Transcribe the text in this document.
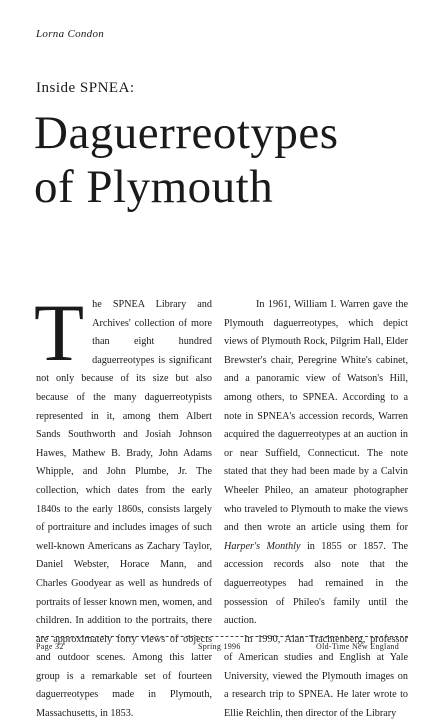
Lorna Condon
Inside SPNEA:
Daguerreotypes
of Plymouth

The SPNEA Library and Archives' collection of more than eight hundred daguerreotypes is significant not only because of its size but also because of the many daguerreotypists represented in it, among them Albert Sands Southworth and Josiah Johnson Hawes, Mathew B. Brady, John Adams Whipple, and John Plumbe, Jr. The collection, which dates from the early 1840s to the early 1860s, consists largely of portraiture and includes images of such well-known Americans as Zachary Taylor, Daniel Webster, Horace Mann, and Charles Goodyear as well as hundreds of portraits of lesser known men, women, and children. In addition to the portraits, there are approximately forty views of objects and outdoor scenes. Among this latter group is a remarkable set of fourteen daguerreotypes made in Plymouth, Massachusetts, in 1853.

In 1961, William I. Warren gave the Plymouth daguerreotypes, which depict views of Plymouth Rock, Pilgrim Hall, Elder Brewster's chair, Peregrine White's cabinet, and a panoramic view of Watson's Hill, among others, to SPNEA. According to a note in SPNEA's accession records, Warren acquired the daguerreotypes at an auction in or near Suffield, Connecticut. The note stated that they had been made by a Calvin Wheeler Phileo, an amateur photographer who traveled to Plymouth to make the views and then wrote an article using them for Harper's Monthly in 1855 or 1857. The accession records also note that the daguerreotypes had remained in the possession of Phileo's family until the auction.

In 1990, Alan Trachtenberg, professor of American studies and English at Yale University, viewed the Plymouth images on a research trip to SPNEA. He later wrote to Ellie Reichlin, then director of the Library

Page 32	Spring 1996	Old-Time New England
